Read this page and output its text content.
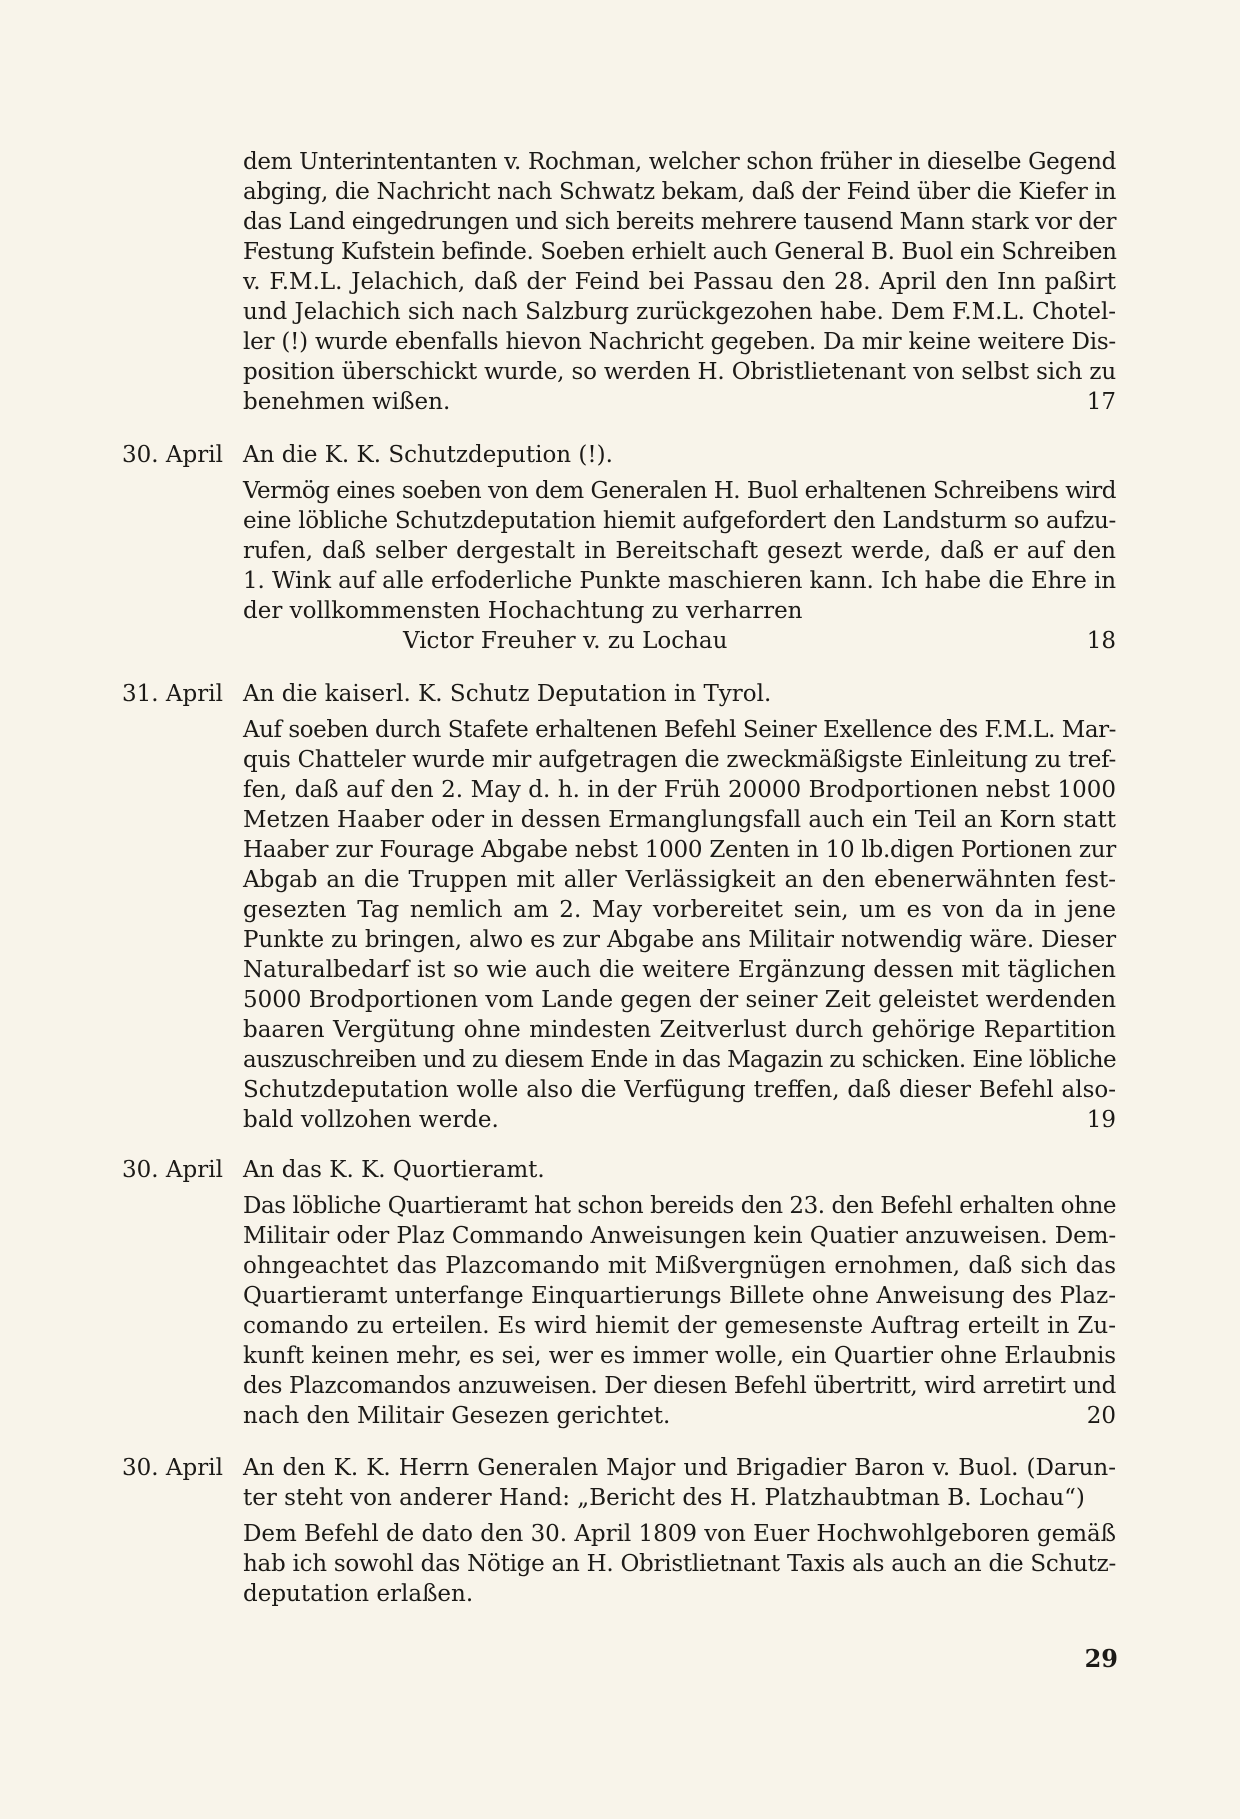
dem Unterintentanten v. Rochman, welcher schon früher in dieselbe Gegend
abging, die Nachricht nach Schwatz bekam, daß der Feind über die Kiefer in
das Land eingedrungen und sich bereits mehrere tausend Mann stark vor der
Festung Kufstein befinde. Soeben erhielt auch General B. Buol ein Schreiben
v. F.M.L. Jelachich, daß der Feind bei Passau den 28. April den Inn paßirt
und Jelachich sich nach Salzburg zurückgezohen habe. Dem F.M.L. Chotel-
ler (!) wurde ebenfalls hievon Nachricht gegeben. Da mir keine weitere Dis-
position überschickt wurde, so werden H. Obristlietenant von selbst sich zu
benehmen wißen.	17
30. April An die K. K. Schutzdepution (!).
Vermög eines soeben von dem Generalen H. Buol erhaltenen Schreibens wird
eine löbliche Schutzdeputation hiemit aufgefordert den Landsturm so aufzu-
rufen, daß selber dergestalt in Bereitschaft gesezt werde, daß er auf den
1. Wink auf alle erfoderliche Punkte maschieren kann. Ich habe die Ehre in
der vollkommensten Hochachtung zu verharren
Victor Freuher v. zu Lochau	18
31. April An die kaiserl. K. Schutz Deputation in Tyrol.
Auf soeben durch Stafete erhaltenen Befehl Seiner Exellence des F.M.L. Mar-
quis Chatteler wurde mir aufgetragen die zweckmäßigste Einleitung zu tref-
fen, daß auf den 2. May d. h. in der Früh 20000 Brodportionen nebst 1000
Metzen Haaber oder in dessen Ermanglungsfall auch ein Teil an Korn statt
Haaber zur Fourage Abgabe nebst 1000 Zenten in 10 lb.digen Portionen zur
Abgab an die Truppen mit aller Verlässigkeit an den ebenerwähnten fest-
gesezten Tag nemlich am 2. May vorbereitet sein, um es von da in jene
Punkte zu bringen, alwo es zur Abgabe ans Militair notwendig wäre. Dieser
Naturalbedarf ist so wie auch die weitere Ergänzung dessen mit täglichen
5000 Brodportionen vom Lande gegen der seiner Zeit geleistet werdenden
baaren Vergütung ohne mindesten Zeitverlust durch gehörige Repartition
auszuschreiben und zu diesem Ende in das Magazin zu schicken. Eine löbliche
Schutzdeputation wolle also die Verfügung treffen, daß dieser Befehl also-
bald vollzohen werde.	19
30. April An das K. K. Quortieramt.
Das löbliche Quartieramt hat schon bereids den 23. den Befehl erhalten ohne
Militair oder Plaz Commando Anweisungen kein Quatier anzuweisen. Dem-
ohngeachtet das Plazcomando mit Mißvergnügen ernohmen, daß sich das
Quartieramt unterfange Einquartierungs Billete ohne Anweisung des Plaz-
comando zu erteilen. Es wird hiemit der gemesenste Auftrag erteilt in Zu-
kunft keinen mehr, es sei, wer es immer wolle, ein Quartier ohne Erlaubnis
des Plazcomandos anzuweisen. Der diesen Befehl übertritt, wird arretirt und
nach den Militair Gesezen gerichtet.	20
30. April An den K. K. Herrn Generalen Major und Brigadier Baron v. Buol. (Darun-
ter steht von anderer Hand: „Bericht des H. Platzhaubtman B. Lochau“)
Dem Befehl de dato den 30. April 1809 von Euer Hochwohlgeboren gemäß
hab ich sowohl das Nötige an H. Obristlietnant Taxis als auch an die Schutz-
deputation erlaßen.
29
